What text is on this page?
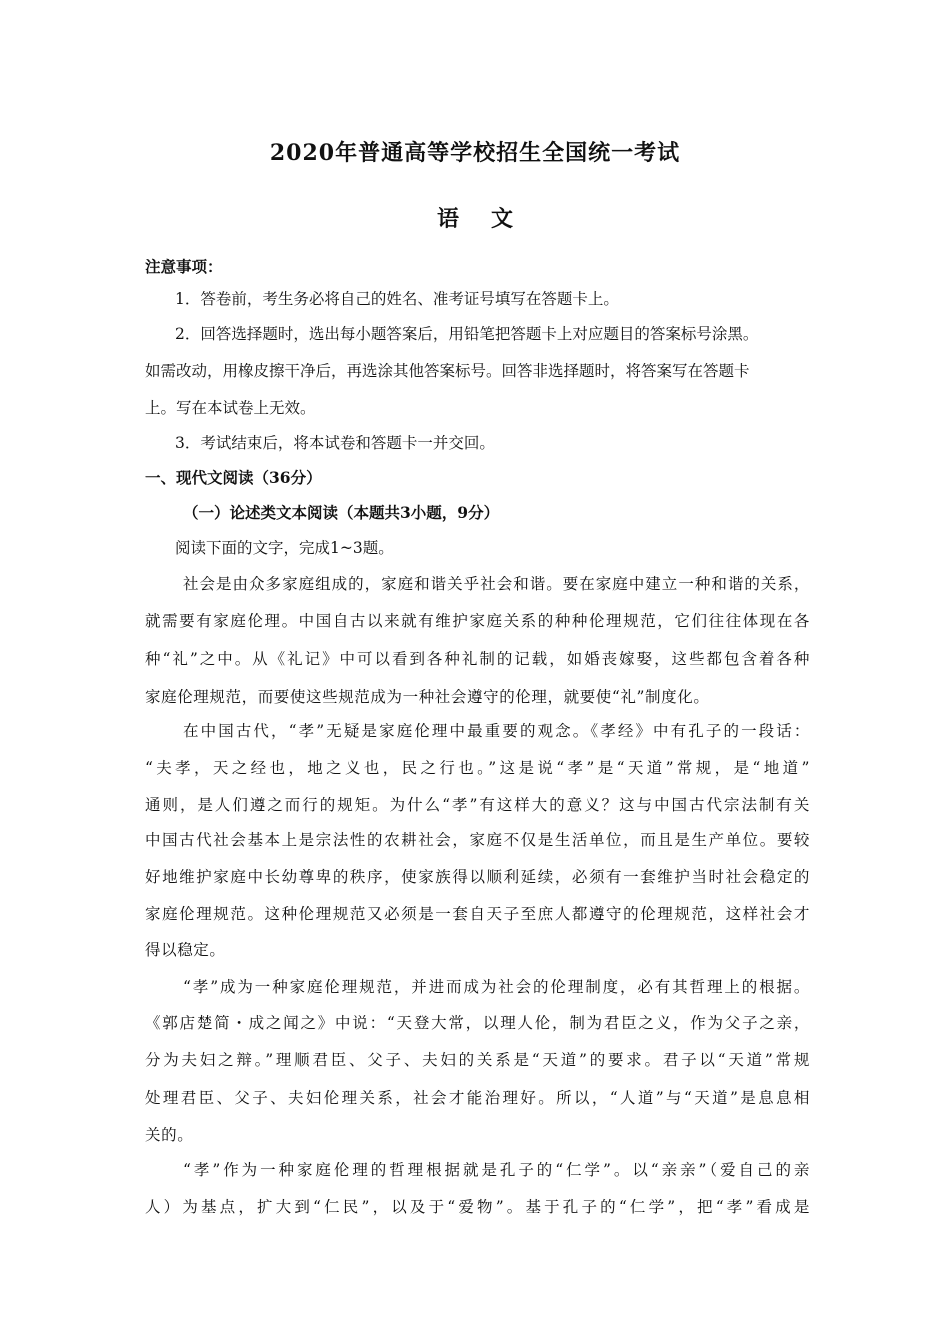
2020年普通高等学校招生全国统一考试
语文
注意事项：
1．答卷前，考生务必将自己的姓名、准考证号填写在答题卡上。
2．回答选择题时，选出每小题答案后，用铅笔把答题卡上对应题目的答案标号涂黑。
如需改动，用橡皮擦干净后，再选涂其他答案标号。回答非选择题时，将答案写在答题卡
上。写在本试卷上无效。
3．考试结束后，将本试卷和答题卡一并交回。
一、现代文阅读（36分）
（一）论述类文本阅读（本题共3小题，9分）
阅读下面的文字，完成1~3题。
社会是由众多家庭组成的，家庭和谐关乎社会和谐。要在家庭中建立一种和谐的关系，
就需要有家庭伦理。中国自古以来就有维护家庭关系的种种伦理规范，它们往往体现在各
种“礼”之中。从《礼记》中可以看到各种礼制的记载，如婚丧嫁娶，这些都包含着各种
家庭伦理规范，而要使这些规范成为一种社会遵守的伦理，就要使“礼”制度化。
在中国古代，“孝”无疑是家庭伦理中最重要的观念。《孝经》中有孔子的一段话：
“夫孝，天之经也，地之义也，民之行也。”这是说“孝”是“天道”常规，是“地道”
通则，是人们遵之而行的规矩。为什么“孝”有这样大的意义？这与中国古代宗法制有关
中国古代社会基本上是宗法性的农耕社会，家庭不仅是生活单位，而且是生产单位。要较
好地维护家庭中长幼尊卑的秩序，使家族得以顺利延续，必须有一套维护当时社会稳定的
家庭伦理规范。这种伦理规范又必须是一套自天子至庶人都遵守的伦理规范，这样社会才
得以稳定。
“孝”成为一种家庭伦理规范，并进而成为社会的伦理制度，必有其哲理上的根据。
《郭店楚简・成之闻之》中说：“天登大常，以理人伦，制为君臣之义，作为父子之亲，
分为夫妇之辩。”理顺君臣、父子、夫妇的关系是“天道”的要求。君子以“天道”常规
处理君臣、父子、夫妇伦理关系，社会才能治理好。所以，“人道”与“天道”是息息相
关的。
“孝”作为一种家庭伦理的哲理根据就是孔子的“仁学”。以“亲亲”（爱自己的亲
人）为基点，扩大到“仁民”，以及于“爱物”。基于孔子的“仁学”，把“孝”看成是
